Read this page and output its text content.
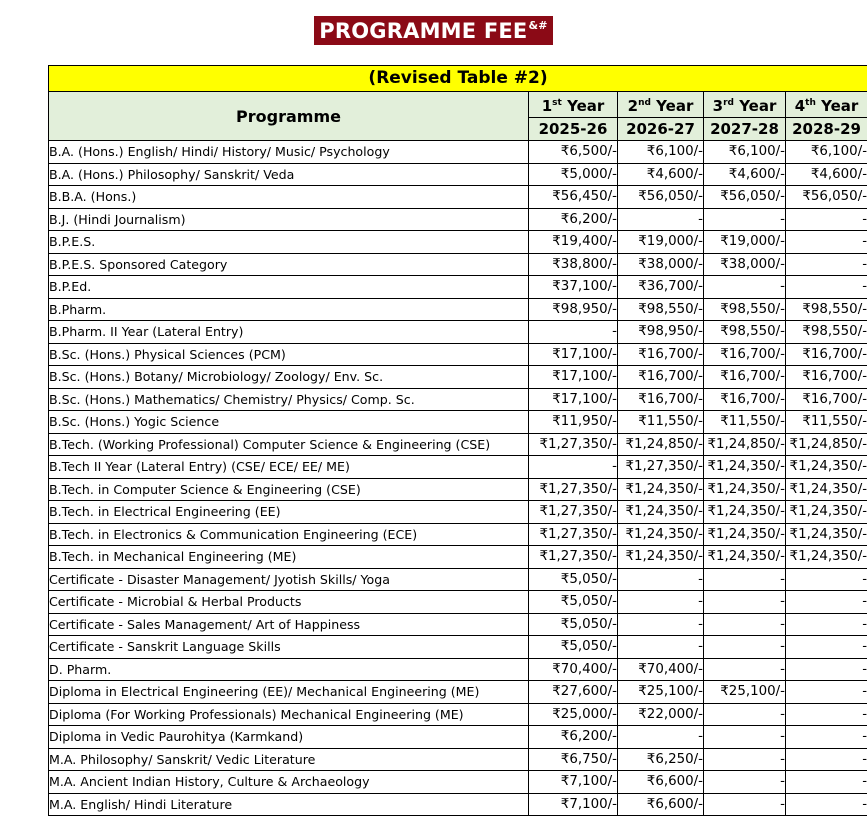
PROGRAMME FEE&#
(Revised Table #2)				
Programme	1st Year	2nd Year	3rd Year	4th Year
	2025-26	2026-27	2027-28	2028-29
B.A. (Hons.) English/ Hindi/ History/ Music/ Psychology	₹6,500/-	₹6,100/-	₹6,100/-	₹6,100/-
B.A. (Hons.) Philosophy/ Sanskrit/ Veda	₹5,000/-	₹4,600/-	₹4,600/-	₹4,600/-
B.B.A. (Hons.)	₹56,450/-	₹56,050/-	₹56,050/-	₹56,050/-
B.J. (Hindi Journalism)	₹6,200/-	-	-	-
B.P.E.S.	₹19,400/-	₹19,000/-	₹19,000/-	-
B.P.E.S. Sponsored Category	₹38,800/-	₹38,000/-	₹38,000/-	-
B.P.Ed.	₹37,100/-	₹36,700/-	-	-
B.Pharm.	₹98,950/-	₹98,550/-	₹98,550/-	₹98,550/-
B.Pharm. II Year (Lateral Entry)	-	₹98,950/-	₹98,550/-	₹98,550/-
B.Sc. (Hons.) Physical Sciences (PCM)	₹17,100/-	₹16,700/-	₹16,700/-	₹16,700/-
B.Sc. (Hons.) Botany/ Microbiology/ Zoology/ Env. Sc.	₹17,100/-	₹16,700/-	₹16,700/-	₹16,700/-
B.Sc. (Hons.) Mathematics/ Chemistry/ Physics/ Comp. Sc.	₹17,100/-	₹16,700/-	₹16,700/-	₹16,700/-
B.Sc. (Hons.) Yogic Science	₹11,950/-	₹11,550/-	₹11,550/-	₹11,550/-
B.Tech. (Working Professional) Computer Science & Engineering (CSE)	₹1,27,350/-	₹1,24,850/-	₹1,24,850/-	₹1,24,850/-
B.Tech II Year (Lateral Entry) (CSE/ ECE/ EE/ ME)	-	₹1,27,350/-	₹1,24,350/-	₹1,24,350/-
B.Tech. in Computer Science & Engineering (CSE)	₹1,27,350/-	₹1,24,350/-	₹1,24,350/-	₹1,24,350/-
B.Tech. in Electrical Engineering (EE)	₹1,27,350/-	₹1,24,350/-	₹1,24,350/-	₹1,24,350/-
B.Tech. in Electronics & Communication Engineering (ECE)	₹1,27,350/-	₹1,24,350/-	₹1,24,350/-	₹1,24,350/-
B.Tech. in Mechanical Engineering (ME)	₹1,27,350/-	₹1,24,350/-	₹1,24,350/-	₹1,24,350/-
Certificate - Disaster Management/ Jyotish Skills/ Yoga	₹5,050/-	-	-	-
Certificate - Microbial & Herbal Products	₹5,050/-	-	-	-
Certificate - Sales Management/ Art of Happiness	₹5,050/-	-	-	-
Certificate - Sanskrit Language Skills	₹5,050/-	-	-	-
D. Pharm.	₹70,400/-	₹70,400/-	-	-
Diploma in Electrical Engineering (EE)/ Mechanical Engineering (ME)	₹27,600/-	₹25,100/-	₹25,100/-	-
Diploma (For Working Professionals) Mechanical Engineering (ME)	₹25,000/-	₹22,000/-	-	-
Diploma in Vedic Paurohitya (Karmkand)	₹6,200/-	-	-	-
M.A. Philosophy/ Sanskrit/ Vedic Literature	₹6,750/-	₹6,250/-	-	-
M.A. Ancient Indian History, Culture & Archaeology	₹7,100/-	₹6,600/-	-	-
M.A. English/ Hindi Literature	₹7,100/-	₹6,600/-	-	-
